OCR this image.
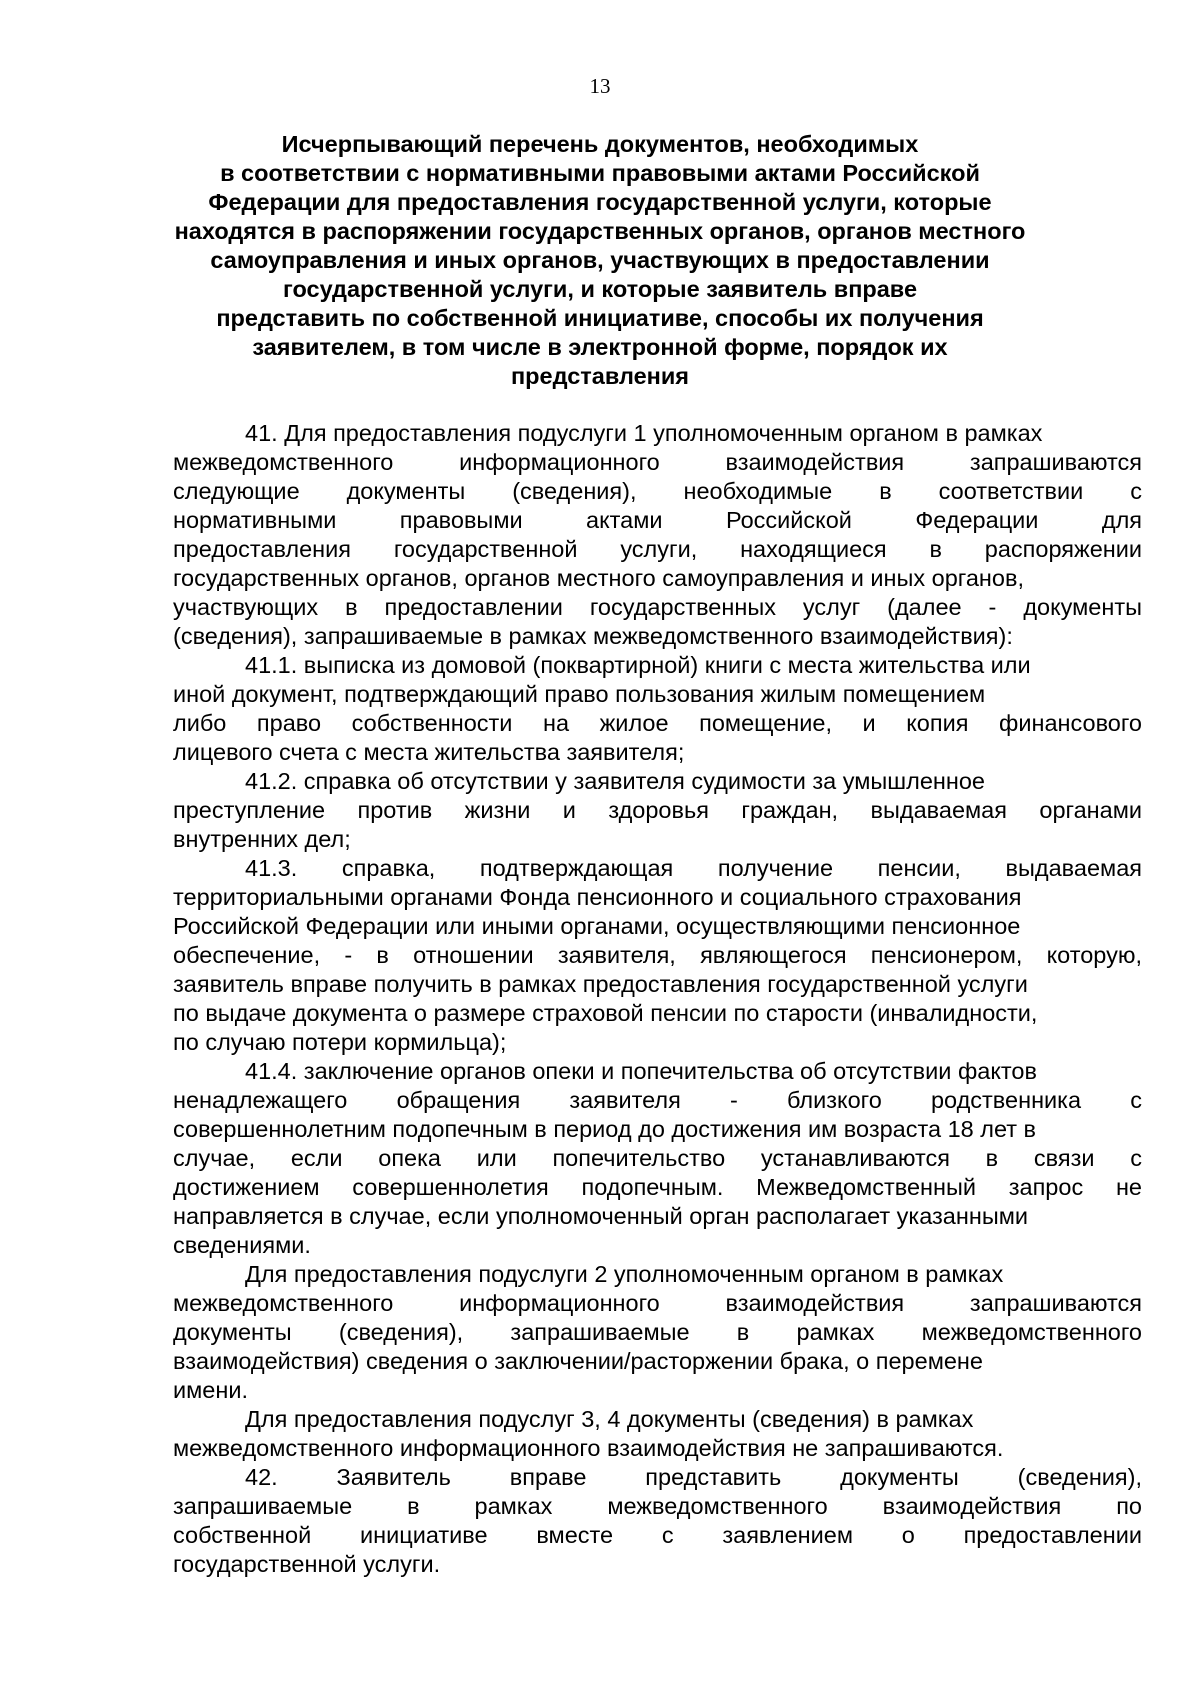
13
Исчерпывающий перечень документов, необходимых
в соответствии с нормативными правовыми актами Российской
Федерации для предоставления государственной услуги, которые
находятся в распоряжении государственных органов, органов местного
самоуправления и иных органов, участвующих в предоставлении
государственной услуги, и которые заявитель вправе
представить по собственной инициативе, способы их получения
заявителем, в том числе в электронной форме, порядок их
представления
41. Для предоставления подуслуги 1 уполномоченным органом в рамках
межведомственного информационного взаимодействия запрашиваются
следующие документы (сведения), необходимые в соответствии с
нормативными правовыми актами Российской Федерации для
предоставления государственной услуги, находящиеся в распоряжении
государственных органов, органов местного самоуправления и иных органов,
участвующих в предоставлении государственных услуг (далее - документы
(сведения), запрашиваемые в рамках межведомственного взаимодействия):
41.1. выписка из домовой (поквартирной) книги с места жительства или
иной документ, подтверждающий право пользования жилым помещением
либо право собственности на жилое помещение, и копия финансового
лицевого счета с места жительства заявителя;
41.2. справка об отсутствии у заявителя судимости за умышленное
преступление против жизни и здоровья граждан, выдаваемая органами
внутренних дел;
41.3. справка, подтверждающая получение пенсии, выдаваемая
территориальными органами Фонда пенсионного и социального страхования
Российской Федерации или иными органами, осуществляющими пенсионное
обеспечение, - в отношении заявителя, являющегося пенсионером, которую,
заявитель вправе получить в рамках предоставления государственной услуги
по выдаче документа о размере страховой пенсии по старости (инвалидности,
по случаю потери кормильца);
41.4. заключение органов опеки и попечительства об отсутствии фактов
ненадлежащего обращения заявителя - близкого родственника с
совершеннолетним подопечным в период до достижения им возраста 18 лет в
случае, если опека или попечительство устанавливаются в связи с
достижением совершеннолетия подопечным. Межведомственный запрос не
направляется в случае, если уполномоченный орган располагает указанными
сведениями.
Для предоставления подуслуги 2 уполномоченным органом в рамках
межведомственного информационного взаимодействия запрашиваются
документы (сведения), запрашиваемые в рамках межведомственного
взаимодействия) сведения о заключении/расторжении брака, о перемене
имени.
Для предоставления подуслуг 3, 4 документы (сведения) в рамках
межведомственного информационного взаимодействия не запрашиваются.
42. Заявитель вправе представить документы (сведения),
запрашиваемые в рамках межведомственного взаимодействия по
собственной инициативе вместе с заявлением о предоставлении
государственной услуги.
